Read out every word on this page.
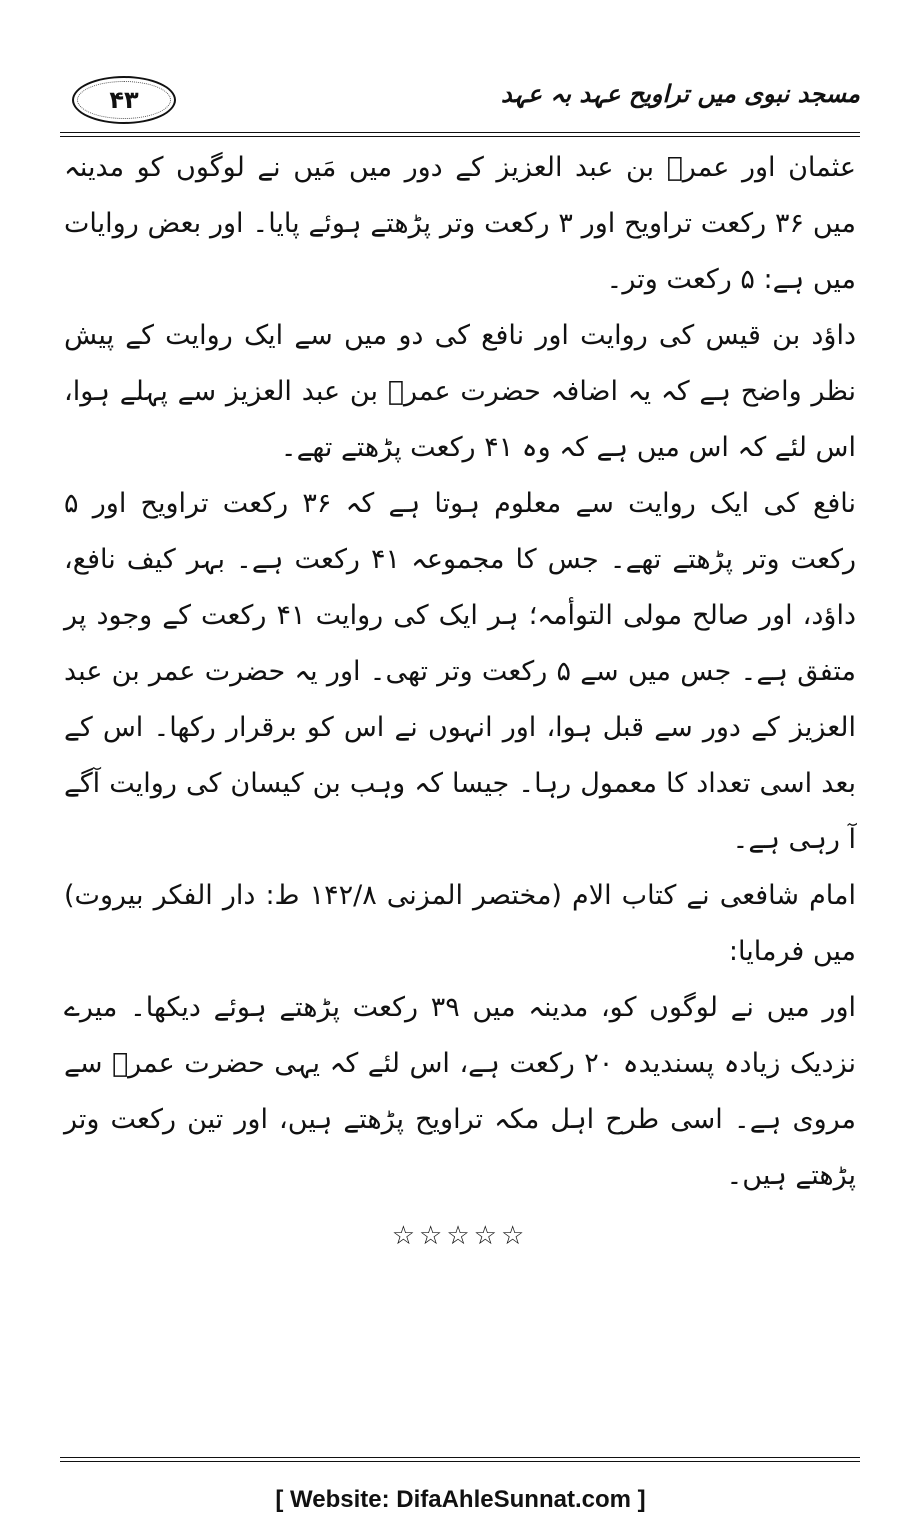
۴۳	مسجد نبوی میں تراویح عہد بہ عہد

عثمان اور عمرؒ بن عبد العزیز کے دور میں مَیں نے لوگوں کو مدینہ میں ۳۶ رکعت تراویح اور ۳ رکعت وتر پڑھتے ہوئے پایا۔ اور بعض روایات میں ہے: ۵ رکعت وتر۔

داؤد بن قیس کی روایت اور نافع کی دو میں سے ایک روایت کے پیش نظر واضح ہے کہ یہ اضافہ حضرت عمرؒ بن عبد العزیز سے پہلے ہوا، اس لئے کہ اس میں ہے کہ وہ ۴۱ رکعت پڑھتے تھے۔

نافع کی ایک روایت سے معلوم ہوتا ہے کہ ۳۶ رکعت تراویح اور ۵ رکعت وتر پڑھتے تھے۔ جس کا مجموعہ ۴۱ رکعت ہے۔ بہر کیف نافع، داؤد، اور صالح مولی التوأمہ؛ ہر ایک کی روایت ۴۱ رکعت کے وجود پر متفق ہے۔ جس میں سے ۵ رکعت وتر تھی۔ اور یہ حضرت عمر بن عبد العزیز کے دور سے قبل ہوا، اور انہوں نے اس کو برقرار رکھا۔ اس کے بعد اسی تعداد کا معمول رہا۔ جیسا کہ وہب بن کیسان کی روایت آگے آ رہی ہے۔

امام شافعی نے کتاب الام (مختصر المزنی ۱۴۲/۸ ط: دار الفکر بیروت) میں فرمایا:

اور میں نے لوگوں کو، مدینہ میں ۳۹ رکعت پڑھتے ہوئے دیکھا۔ میرے نزدیک زیادہ پسندیدہ ۲۰ رکعت ہے، اس لئے کہ یہی حضرت عمرؓ سے مروی ہے۔ اسی طرح اہل مکہ تراویح پڑھتے ہیں، اور تین رکعت وتر پڑھتے ہیں۔

☆☆☆☆☆

[ Website: DifaAhleSunnat.com ]
